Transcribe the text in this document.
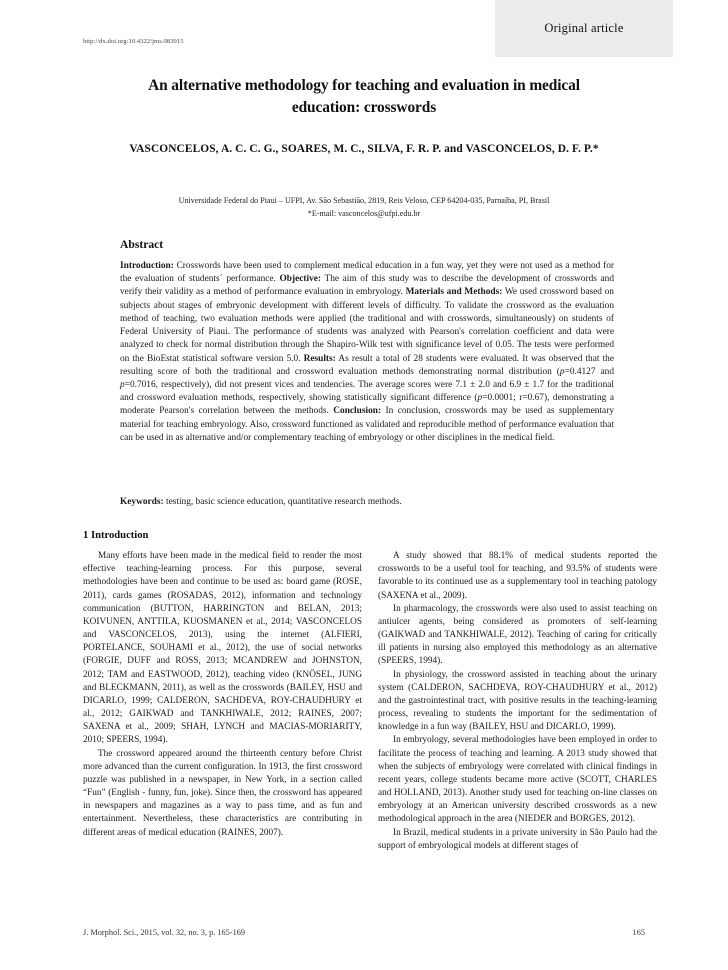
Original article
http://dx.doi.org/10.4322/jms.083915
An alternative methodology for teaching and evaluation in medical education: crosswords
VASCONCELOS, A. C. C. G., SOARES, M. C., SILVA, F. R. P. and VASCONCELOS, D. F. P.*
Universidade Federal do Piaui – UFPI, Av. São Sebastião, 2819, Reis Veloso, CEP 64204-035, Parnaíba, PI, Brasil
*E-mail: vasconcelos@ufpi.edu.br
Abstract

Introduction: Crosswords have been used to complement medical education in a fun way, yet they were not used as a method for the evaluation of students´ performance. Objective: The aim of this study was to describe the development of crosswords and verify their validity as a method of performance evaluation in embryology. Materials and Methods: We used crossword based on subjects about stages of embryonic development with different levels of difficulty. To validate the crossword as the evaluation method of teaching, two evaluation methods were applied (the traditional and with crosswords, simultaneously) on students of Federal University of Piaui. The performance of students was analyzed with Pearson's correlation coefficient and data were analyzed to check for normal distribution through the Shapiro-Wilk test with significance level of 0.05. The tests were performed on the BioEstat statistical software version 5.0. Results: As result a total of 28 students were evaluated. It was observed that the resulting score of both the traditional and crossword evaluation methods demonstrating normal distribution (p=0.4127 and p=0.7016, respectively), did not present vices and tendencies. The average scores were 7.1 ± 2.0 and 6.9 ± 1.7 for the traditional and crossword evaluation methods, respectively, showing statistically significant difference (p=0.0001; r=0.67), demonstrating a moderate Pearson's correlation between the methods. Conclusion: In conclusion, crosswords may be used as supplementary material for teaching embryology. Also, crossword functioned as validated and reproducible method of performance evaluation that can be used in as alternative and/or complementary teaching of embryology or other disciplines in the medical field.

Keywords: testing, basic science education, quantitative research methods.
1 Introduction

Many efforts have been made in the medical field to render the most effective teaching-learning process. For this purpose, several methodologies have been and continue to be used as: board game (ROSE, 2011), cards games (ROSADAS, 2012), information and technology communication (BUTTON, HARRINGTON and BELAN, 2013; KOIVUNEN, ANTTILA, KUOSMANEN et al., 2014; VASCONCELOS and VASCONCELOS, 2013), using the internet (ALFIERI, PORTELANCE, SOUHAMI et al., 2012), the use of social networks (FORGIE, DUFF and ROSS, 2013; MCANDREW and JOHNSTON, 2012; TAM and EASTWOOD, 2012), teaching video (KNÖSEL, JUNG and BLECKMANN, 2011), as well as the crosswords (BAILEY, HSU and DICARLO, 1999; CALDERON, SACHDEVA, ROY-CHAUDHURY et al., 2012; GAIKWAD and TANKHIWALE, 2012; RAINES, 2007; SAXENA et al., 2009; SHAH, LYNCH and MACIAS-MORIARITY, 2010; SPEERS, 1994).

The crossword appeared around the thirteenth century before Christ more advanced than the current configuration. In 1913, the first crossword puzzle was published in a newspaper, in New York, in a section called “Fun” (English - funny, fun, joke). Since then, the crossword has appeared in newspapers and magazines as a way to pass time, and as fun and entertainment. Nevertheless, these characteristics are contributing in different areas of medical education (RAINES, 2007).

A study showed that 88.1% of medical students reported the crosswords to be a useful tool for teaching, and 93.5% of students were favorable to its continued use as a supplementary tool in teaching patology (SAXENA et al., 2009).

In pharmacology, the crosswords were also used to assist teaching on antiulcer agents, being considered as promoters of self-learning (GAIKWAD and TANKHIWALE, 2012). Teaching of caring for critically ill patients in nursing also employed this methodology as an alternative (SPEERS, 1994).

In physiology, the crossword assisted in teaching about the urinary system (CALDERON, SACHDEVA, ROY-CHAUDHURY et al., 2012) and the gastrointestinal tract, with positive results in the teaching-learning process, revealing to students the important for the sedimentation of knowledge in a fun way (BAILEY, HSU and DICARLO, 1999).

In embryology, several methodologies have been employed in order to facilitate the process of teaching and learning. A 2013 study showed that when the subjects of embryology were correlated with clinical findings in recent years, college students became more active (SCOTT, CHARLES and HOLLAND, 2013). Another study used for teaching on-line classes on embryology at an American university described crosswords as a new methodological approach in the area (NIEDER and BORGES, 2012).

In Brazil, medical students in a private university in São Paulo had the support of embryological models at different stages of

J. Morphol. Sci., 2015, vol. 32, no. 3, p. 165-169	165
